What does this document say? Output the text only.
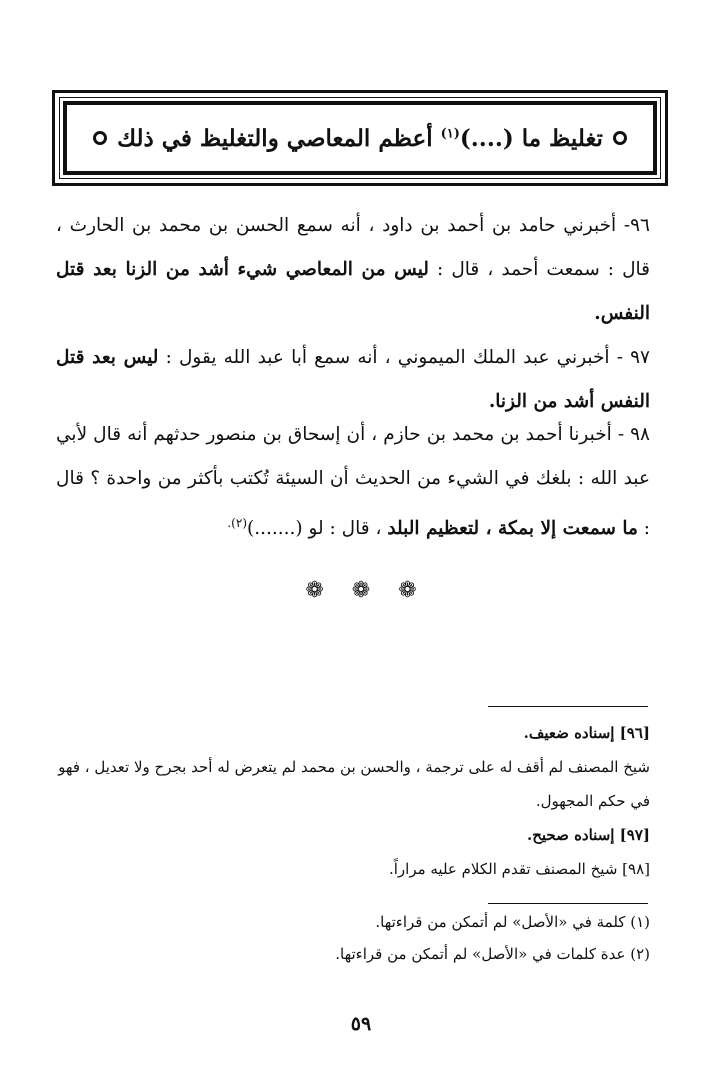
تغليظ ما (....)$^{(١)}$ أعظم المعاصي والتغليظ في ذلك

٩٦- أخبرني حامد بن أحمد بن داود ، أنه سمع الحسن بن محمد بن الحارث ، قال : سمعت أحمد ، قال : ليس من المعاصي شيء أشد من الزنا بعد قتل النفس.

٩٧ - أخبرني عبد الملك الميموني ، أنه سمع أبا عبد الله يقول : ليس بعد قتل النفس أشد من الزنا.

٩٨ - أخبرنا أحمد بن محمد بن حازم ، أن إسحاق بن منصور حدثهم أنه قال لأبي عبد الله : بلغك في الشيء من الحديث أن السيئة تُكتب بأكثر من واحدة ؟ قال : ما سمعت إلا بمكة ، لتعظيم البلد ، قال : لو (.......)$^{(٢).}$

❁ ❁ ❁

[٩٦] إسناده ضعيف.

شيخ المصنف لم أقف له على ترجمة ، والحسن بن محمد لم يتعرض له أحد بجرح ولا تعديل ، فهو في حكم المجهول.

[٩٧] إسناده صحيح.

[٩٨] شيخ المصنف تقدم الكلام عليه مراراً.

(١) كلمة في «الأصل» لم أتمكن من قراءتها.

(٢) عدة كلمات في «الأصل» لم أتمكن من قراءتها.

٥٩
